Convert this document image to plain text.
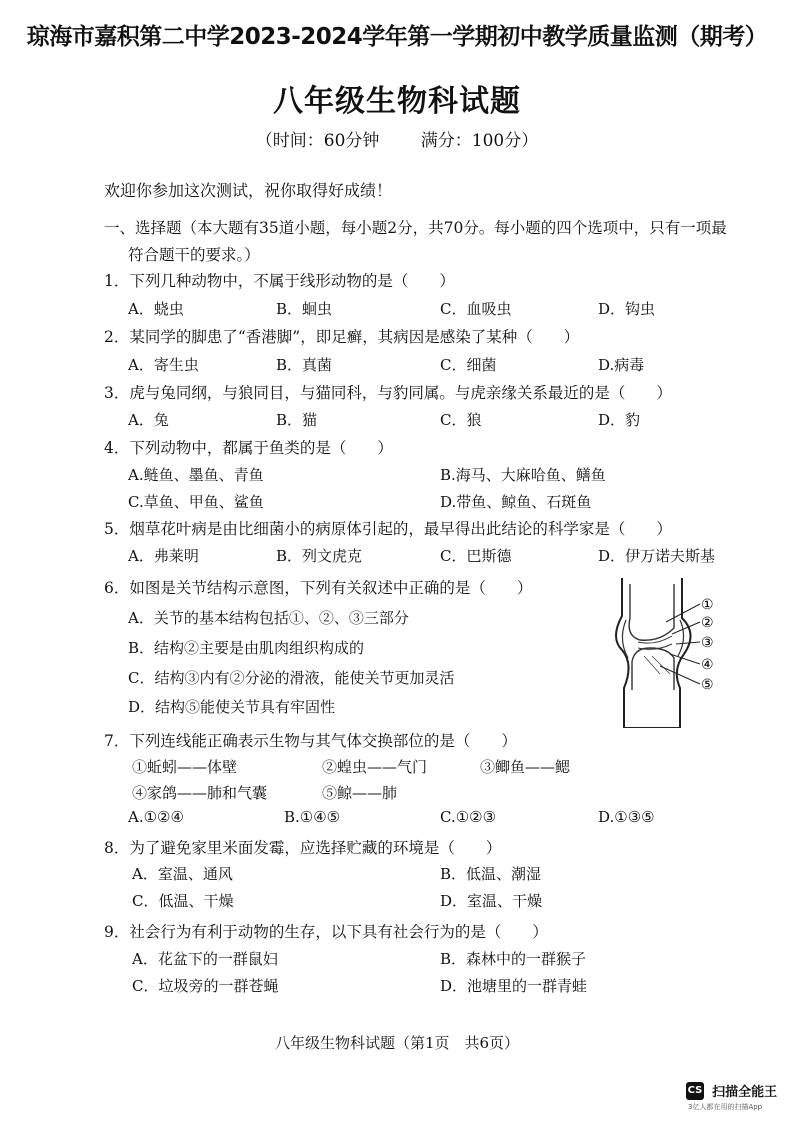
琼海市嘉积第二中学2023-2024学年第一学期初中教学质量监测（期考）
八年级生物科试题
（时间：60分钟 满分：100分）
欢迎你参加这次测试，祝你取得好成绩！
一、选择题（本大题有35道小题，每小题2分，共70分。每小题的四个选项中，只有一项最
符合题干的要求。）
1．下列几种动物中，不属于线形动物的是（　　）
A．蛲虫	B．蛔虫	C．血吸虫	D．钩虫
2．某同学的脚患了“香港脚”，即足癣，其病因是感染了某种（　　）
A．寄生虫	B．真菌	C．细菌	D.病毒
3．虎与兔同纲，与狼同目，与猫同科，与豹同属。与虎亲缘关系最近的是（　　）
A．兔	B．猫	C．狼	D．豹
4．下列动物中，都属于鱼类的是（　　）
A.鲢鱼、墨鱼、青鱼	B.海马、大麻哈鱼、鳝鱼
C.草鱼、甲鱼、鲨鱼	D.带鱼、鲸鱼、石斑鱼
5．烟草花叶病是由比细菌小的病原体引起的，最早得出此结论的科学家是（　　）
A．弗莱明	B．列文虎克	C．巴斯德	D．伊万诺夫斯基
6．如图是关节结构示意图，下列有关叙述中正确的是（　　）
A．关节的基本结构包括①、②、③三部分
B．结构②主要是由肌肉组织构成的
C．结构③内有②分泌的滑液，能使关节更加灵活
D．结构⑤能使关节具有牢固性
①
②
③
④
⑤
7．下列连线能正确表示生物与其气体交换部位的是（　　）
①蚯蚓——体壁	②蝗虫——气门	③鲫鱼——鳃
④家鸽——肺和气囊	⑤鲸——肺
A.①②④	B.①④⑤	C.①②③	D.①③⑤
8．为了避免家里米面发霉，应选择贮藏的环境是（　　）
A．室温、通风	B．低温、潮湿
C．低温、干燥	D．室温、干燥
9．社会行为有利于动物的生存，以下具有社会行为的是（　　）
A．花盆下的一群鼠妇	B．森林中的一群猴子
C．垃圾旁的一群苍蝇	D．池塘里的一群青蛙
八年级生物科试题（第1页　共6页）
CS 扫描全能王
3亿人都在用的扫描App
